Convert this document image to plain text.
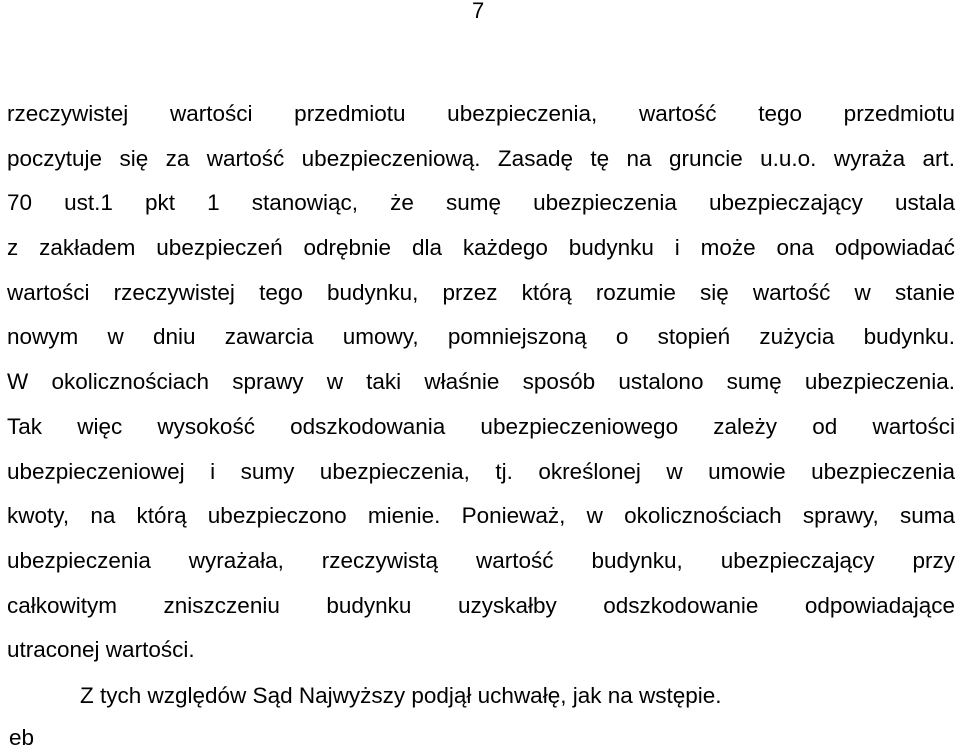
7
rzeczywistej wartości przedmiotu ubezpieczenia, wartość tego przedmiotu
poczytuje się za wartość ubezpieczeniową. Zasadę tę na gruncie u.u.o. wyraża art.
70 ust.1 pkt 1 stanowiąc, że sumę ubezpieczenia ubezpieczający ustala
z zakładem ubezpieczeń odrębnie dla każdego budynku i może ona odpowiadać
wartości rzeczywistej tego budynku, przez którą rozumie się wartość w stanie
nowym w dniu zawarcia umowy, pomniejszoną o stopień zużycia budynku.
W okolicznościach sprawy w taki właśnie sposób ustalono sumę ubezpieczenia.
Tak więc wysokość odszkodowania ubezpieczeniowego zależy od wartości
ubezpieczeniowej i sumy ubezpieczenia, tj. określonej w umowie ubezpieczenia
kwoty, na którą ubezpieczono mienie. Ponieważ, w okolicznościach sprawy, suma
ubezpieczenia wyrażała, rzeczywistą wartość budynku, ubezpieczający przy
całkowitym zniszczeniu budynku uzyskałby odszkodowanie odpowiadające
utraconej wartości.
Z tych względów Sąd Najwyższy podjął uchwałę, jak na wstępie.
eb
